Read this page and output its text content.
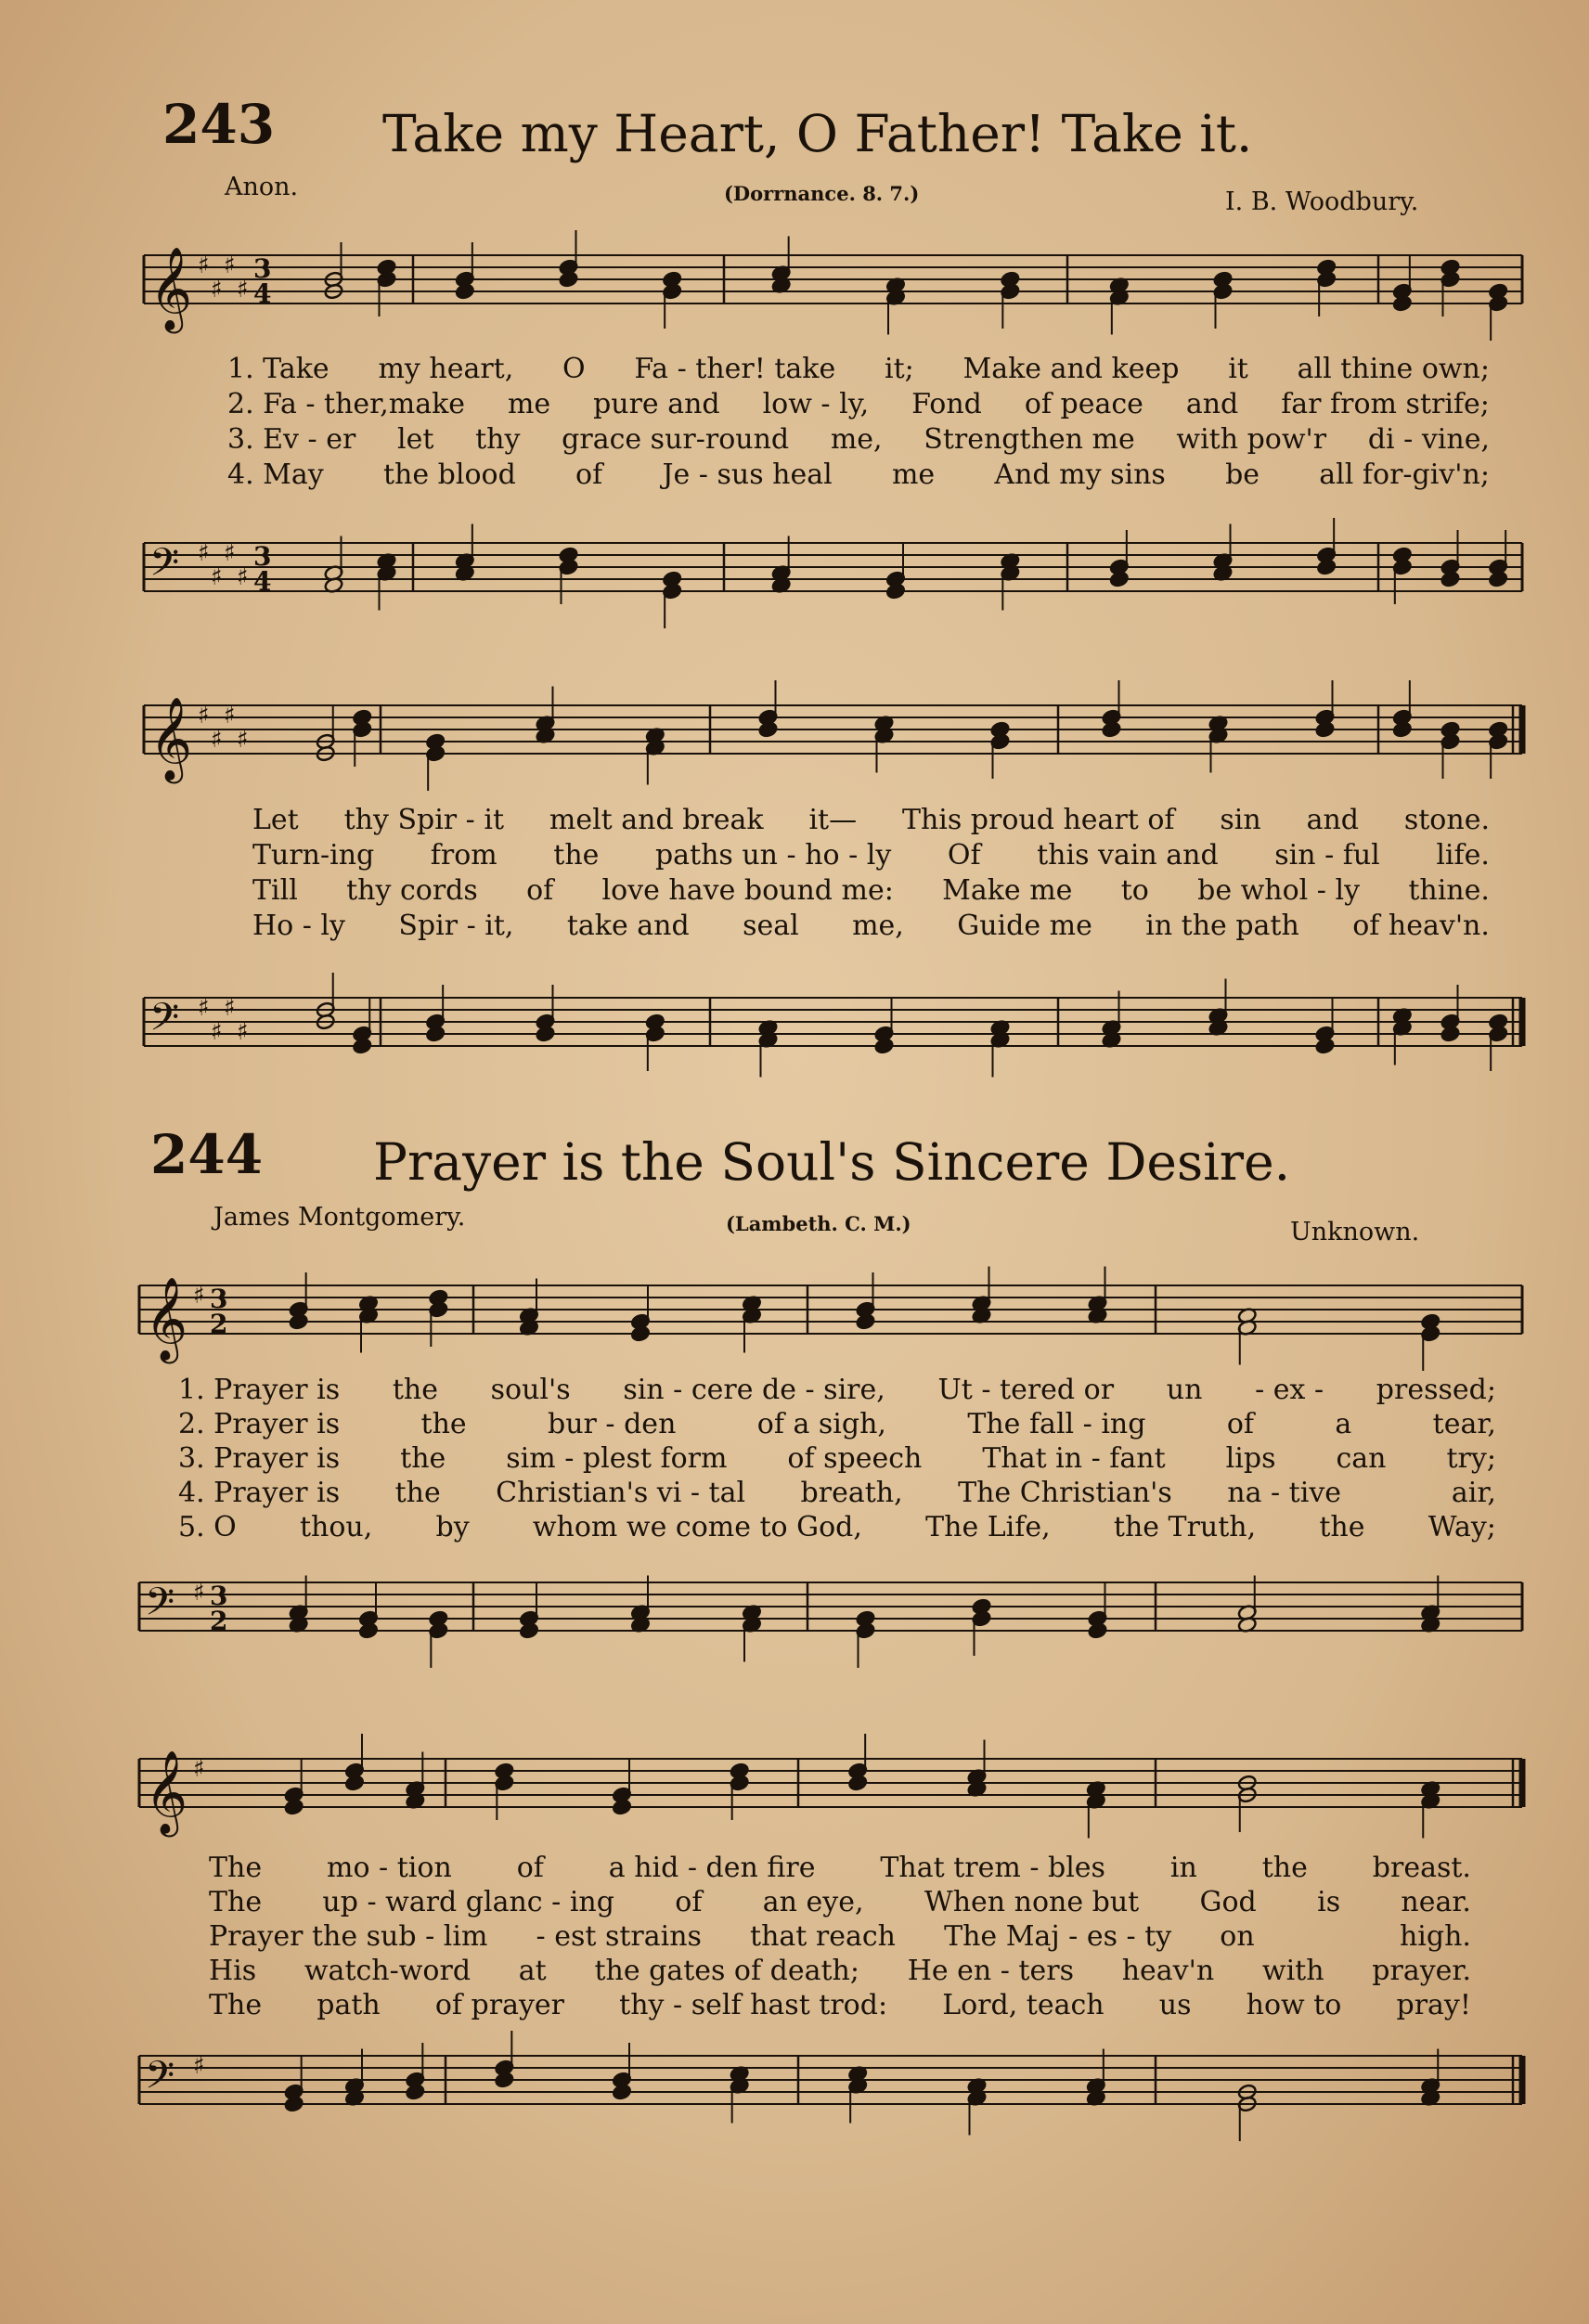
243 Take my Heart, O Father! Take it.
Anon.	(Dorrnance. 8. 7.)	I. B. Woodbury.
1. Take my heart, O Fa - ther! take it; Make and keep it all thine own;
2. Fa - ther,make me pure and low - ly, Fond of peace and far from strife;
3. Ev - er let thy grace sur-round me, Strengthen me with pow'r di - vine,
4. May the blood of Je - sus heal me And my sins be all for-giv'n;
Let thy Spir - it melt and break it— This proud heart of sin and stone.
Turn-ing from the paths un - ho - ly Of this vain and sin - ful life.
Till thy cords of love have bound me: Make me to be whol - ly thine.
Ho - ly Spir - it, take and seal me, Guide me in the path of heav'n.
244 Prayer is the Soul's Sincere Desire.
James Montgomery.	(Lambeth. C. M.)	Unknown.
1. Prayer is the soul's sin - cere de - sire, Ut - tered or un - ex - pressed;
2. Prayer is	the	bur - den	of a sigh,	The fall - ing	of	a	tear,
3. Prayer is the sim - plest form of speech That in - fant lips can try;
4. Prayer is the Christian's vi - tal breath, The Christian's na - tive	air,
5. O thou, by whom we come to God, The Life, the Truth, the Way;
The mo - tion of a hid - den fire That trem - bles in the breast.
The up - ward glanc - ing of an eye, When none but God is near.
Prayer the sub - lim - est strains that reach The Maj - es - ty on	high.
His watch-word at the gates of death; He en - ters heav'n with prayer.
The path of prayer thy - self hast trod: Lord, teach us how to pray!
𝄞 ♯
♯
♯
♯
3
4
𝄢 ♯
♯
♯
♯
3
4
𝄞 ♯
♯
♯
♯
𝄢 ♯
♯
♯
♯
𝄞 ♯ 3
2
𝄢 ♯ 3
2
𝄞 ♯
𝄢 ♯
